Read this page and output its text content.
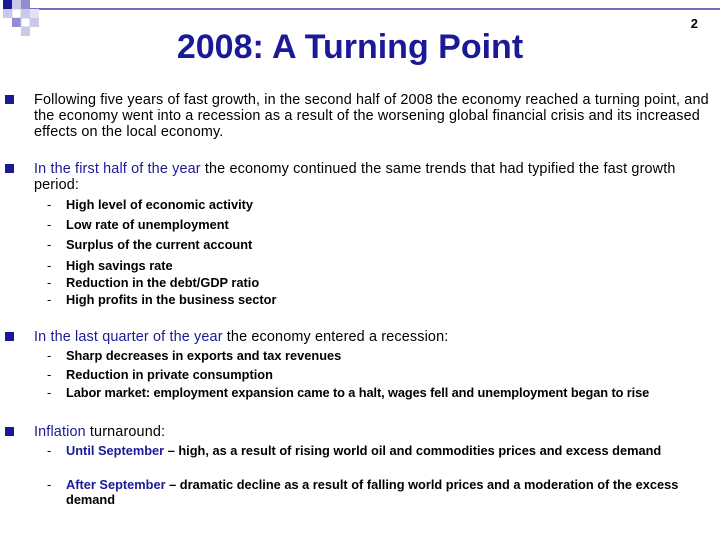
2
2008: A Turning Point
Following five years of fast growth, in the second half of 2008 the economy reached a turning point, and the economy went into a recession as a result of the worsening global financial crisis and its increased effects on the local economy.
In the first half of the year the economy continued the same trends that had typified the fast growth period:
- High level of economic activity
- Low rate of unemployment
- Surplus of the current account
- High savings rate
- Reduction in the debt/GDP ratio
- High profits in the business sector
In the last quarter of the year the economy entered a recession:
- Sharp decreases in exports and tax revenues
- Reduction in private consumption
- Labor market: employment expansion came to a halt, wages fell and unemployment began to rise
Inflation turnaround:
- Until September – high, as a result of rising world oil and commodities prices and excess demand
- After September – dramatic decline as a result of falling world prices and a moderation of the excess demand
